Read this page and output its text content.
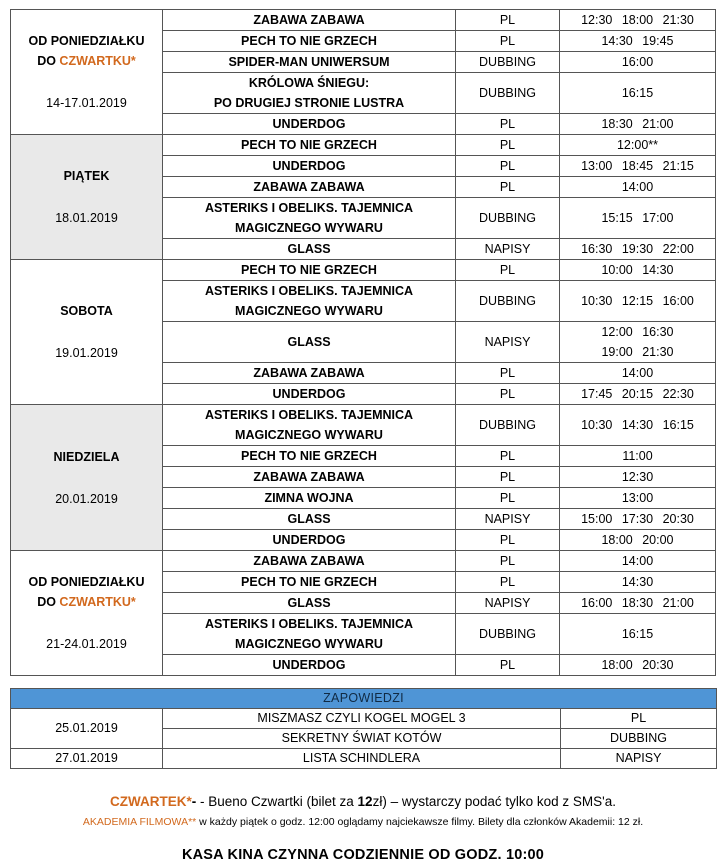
OD PONIEDZIAŁKU
DO CZWARTKU*
14-17.01.2019	ZABAWA ZABAWA	PL	12:30 18:00 21:30
	PECH TO NIE GRZECH	PL	14:30 19:45
	SPIDER-MAN UNIWERSUM	DUBBING	16:00
	KRÓLOWA ŚNIEGU:
PO DRUGIEJ STRONIE LUSTRA	DUBBING	16:15
	UNDERDOG	PL	18:30 21:00

PIĄTEK
18.01.2019	PECH TO NIE GRZECH	PL	12:00**
	UNDERDOG	PL	13:00 18:45 21:15
	ZABAWA ZABAWA	PL	14:00
	ASTERIKS I OBELIKS. TAJEMNICA
MAGICZNEGO WYWARU	DUBBING	15:15 17:00
	GLASS	NAPISY	16:30 19:30 22:00

SOBOTA
19.01.2019	PECH TO NIE GRZECH	PL	10:00 14:30
	ASTERIKS I OBELIKS. TAJEMNICA
MAGICZNEGO WYWARU	DUBBING	10:30 12:15 16:00
	GLASS	NAPISY	12:00 16:30
19:00 21:30
	ZABAWA ZABAWA	PL	14:00
	UNDERDOG	PL	17:45 20:15 22:30

NIEDZIELA
20.01.2019	ASTERIKS I OBELIKS. TAJEMNICA
MAGICZNEGO WYWARU	DUBBING	10:30 14:30 16:15
	PECH TO NIE GRZECH	PL	11:00
	ZABAWA ZABAWA	PL	12:30
	ZIMNA WOJNA	PL	13:00
	GLASS	NAPISY	15:00 17:30 20:30
	UNDERDOG	PL	18:00 20:00

OD PONIEDZIAŁKU
DO CZWARTKU*
21-24.01.2019	ZABAWA ZABAWA	PL	14:00
	PECH TO NIE GRZECH	PL	14:30
	GLASS	NAPISY	16:00 18:30 21:00
	ASTERIKS I OBELIKS. TAJEMNICA
MAGICZNEGO WYWARU	DUBBING	16:15
	UNDERDOG	PL	18:00 20:30
ZAPOWIEDZI		
25.01.2019	MISZMASZ CZYLI KOGEL MOGEL 3	PL
	SEKRETNY ŚWIAT KOTÓW	DUBBING
27.01.2019	LISTA SCHINDLERA	NAPISY
CZWARTEK*- - Bueno Czwartki (bilet za 12zł) – wystarczy podać tylko kod z SMS'a.
AKADEMIA FILMOWA** w każdy piątek o godz. 12:00 oglądamy najciekawsze filmy. Bilety dla członków Akademii: 12 zł.
KASA KINA CZYNNA CODZIENNIE OD GODZ. 10:00
